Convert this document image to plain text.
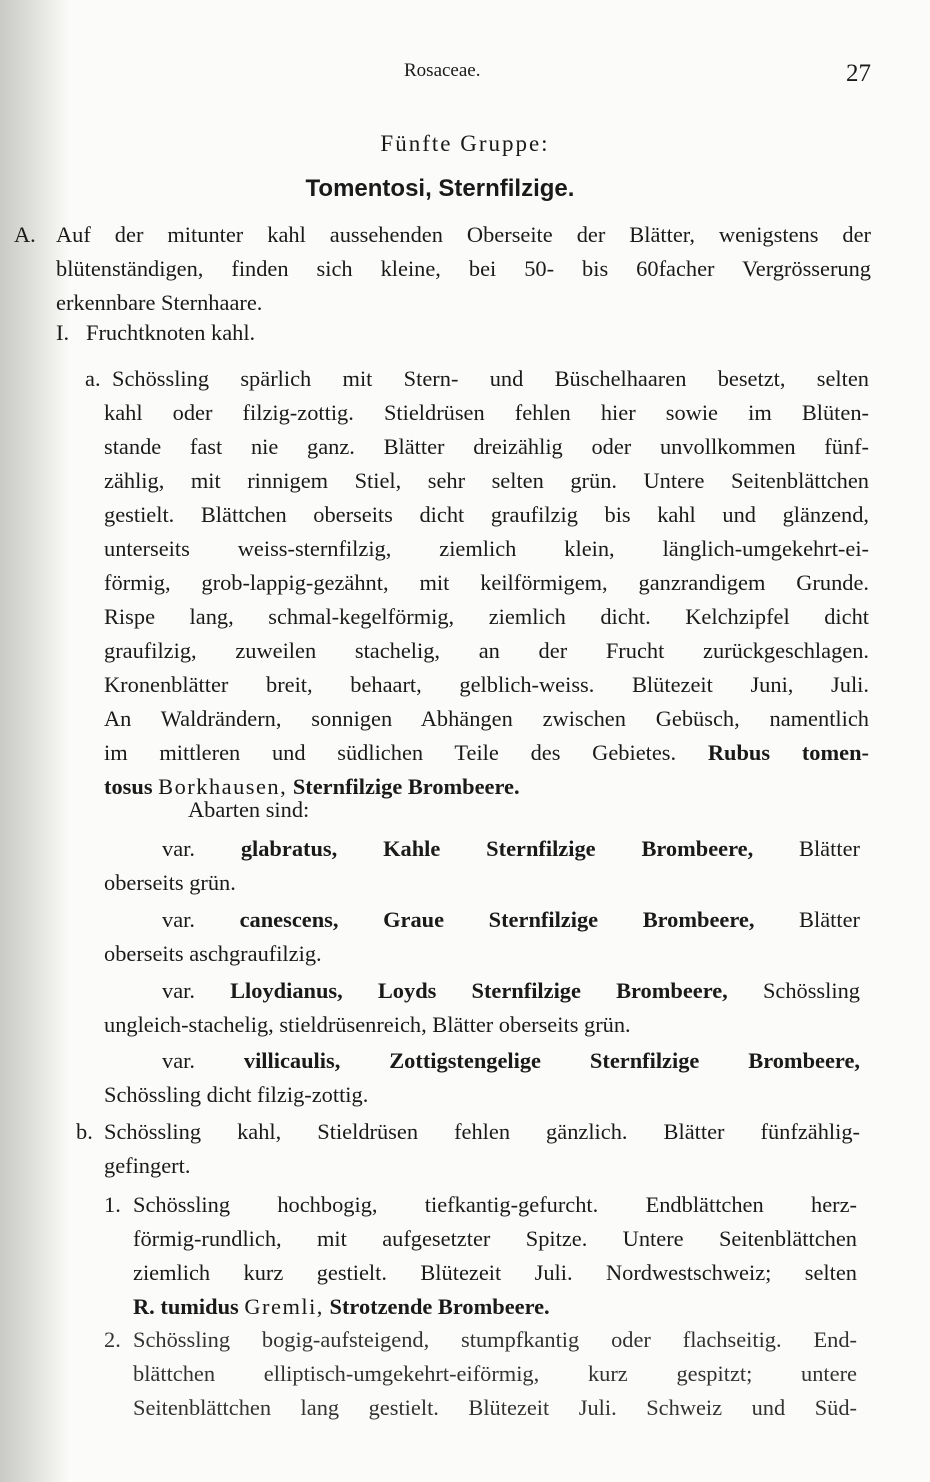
Rosaceae.	27
Fünfte Gruppe:
Tomentosi, Sternfilzige.
A. Auf der mitunter kahl aussehenden Oberseite der Blätter, wenigstens der
blütenständigen, finden sich kleine, bei 50- bis 60facher Vergrösserung
erkennbare Sternhaare.
I. Fruchtknoten kahl.
a. Schössling spärlich mit Stern- und Büschelhaaren besetzt, selten
kahl oder filzig-zottig. Stieldrüsen fehlen hier sowie im Blüten-
stande fast nie ganz. Blätter dreizählig oder unvollkommen fünf-
zählig, mit rinnigem Stiel, sehr selten grün. Untere Seitenblättchen
gestielt. Blättchen oberseits dicht graufilzig bis kahl und glänzend,
unterseits weiss-sternfilzig, ziemlich klein, länglich-umgekehrt-ei-
förmig, grob-lappig-gezähnt, mit keilförmigem, ganzrandigem Grunde.
Rispe lang, schmal-kegelförmig, ziemlich dicht. Kelchzipfel dicht
graufilzig, zuweilen stachelig, an der Frucht zurückgeschlagen.
Kronenblätter breit, behaart, gelblich-weiss. Blütezeit Juni, Juli.
An Waldrändern, sonnigen Abhängen zwischen Gebüsch, namentlich
im mittleren und südlichen Teile des Gebietes. Rubus tomen-
tosus Borkhausen, Sternfilzige Brombeere.
Abarten sind:
var. glabratus, Kahle Sternfilzige Brombeere, Blätter
oberseits grün.
var. canescens, Graue Sternfilzige Brombeere, Blätter
oberseits aschgraufilzig.
var. Lloydianus, Loyds Sternfilzige Brombeere, Schössling
ungleich-stachelig, stieldrüsenreich, Blätter oberseits grün.
var. villicaulis, Zottigstengelige Sternfilzige Brombeere,
Schössling dicht filzig-zottig.
b. Schössling kahl, Stieldrüsen fehlen gänzlich. Blätter fünfzählig-
gefingert.
1. Schössling hochbogig, tiefkantig-gefurcht. Endblättchen herz-
förmig-rundlich, mit aufgesetzter Spitze. Untere Seitenblättchen
ziemlich kurz gestielt. Blütezeit Juli. Nordwestschweiz; selten
R. tumidus Gremli, Strotzende Brombeere.
2. Schössling bogig-aufsteigend, stumpfkantig oder flachseitig. End-
blättchen elliptisch-umgekehrt-eiförmig, kurz gespitzt; untere
Seitenblättchen lang gestielt. Blütezeit Juli. Schweiz und Süd-
